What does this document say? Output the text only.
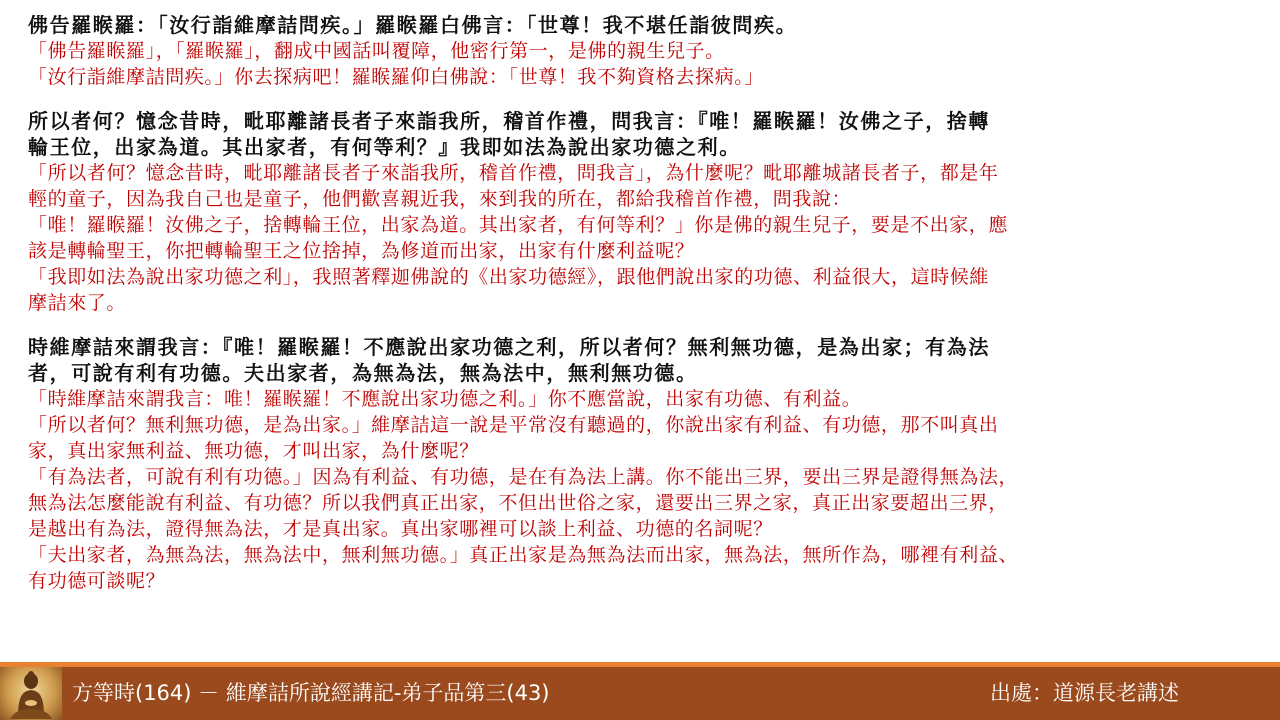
佛告羅睺羅：「汝行詣維摩詰問疾。」羅睺羅白佛言：「世尊！我不堪任詣彼問疾。
「佛告羅睺羅」，「羅睺羅」，翻成中國話叫覆障，他密行第一，是佛的親生兒子。
「汝行詣維摩詰問疾。」你去探病吧！羅睺羅仰白佛說：「世尊！我不夠資格去探病。」
所以者何？憶念昔時，毗耶離諸長者子來詣我所，稽首作禮，問我言：『唯！羅睺羅！汝佛之子，捨轉
輪王位，出家為道。其出家者，有何等利？』我即如法為說出家功德之利。
「所以者何？憶念昔時，毗耶離諸長者子來詣我所，稽首作禮，問我言」，為什麼呢？毗耶離城諸長者子，都是年
輕的童子，因為我自己也是童子，他們歡喜親近我，來到我的所在，都給我稽首作禮，問我說：
「唯！羅睺羅！汝佛之子，捨轉輪王位，出家為道。其出家者，有何等利？」你是佛的親生兒子，要是不出家，應
該是轉輪聖王，你把轉輪聖王之位捨掉，為修道而出家，出家有什麼利益呢？
「我即如法為說出家功德之利」，我照著釋迦佛說的《出家功德經》，跟他們說出家的功德、利益很大，這時候維
摩詰來了。
時維摩詰來謂我言：『唯！羅睺羅！不應說出家功德之利，所以者何？無利無功德，是為出家；有為法
者，可說有利有功德。夫出家者，為無為法，無為法中，無利無功德。
「時維摩詰來謂我言：唯！羅睺羅！不應說出家功德之利。」你不應當說，出家有功德、有利益。
「所以者何？無利無功德，是為出家。」維摩詰這一說是平常沒有聽過的，你說出家有利益、有功德，那不叫真出
家，真出家無利益、無功德，才叫出家，為什麼呢？
「有為法者，可說有利有功德。」因為有利益、有功德，是在有為法上講。你不能出三界，要出三界是證得無為法，
無為法怎麼能說有利益、有功德？所以我們真正出家，不但出世俗之家，還要出三界之家，真正出家要超出三界，
是越出有為法，證得無為法，才是真出家。真出家哪裡可以談上利益、功德的名詞呢？
「夫出家者，為無為法，無為法中，無利無功德。」真正出家是為無為法而出家，無為法，無所作為，哪裡有利益、
有功德可談呢？
方等時(164) － 維摩詰所說經講記-弟子品第三(43)	出處：道源長老講述
